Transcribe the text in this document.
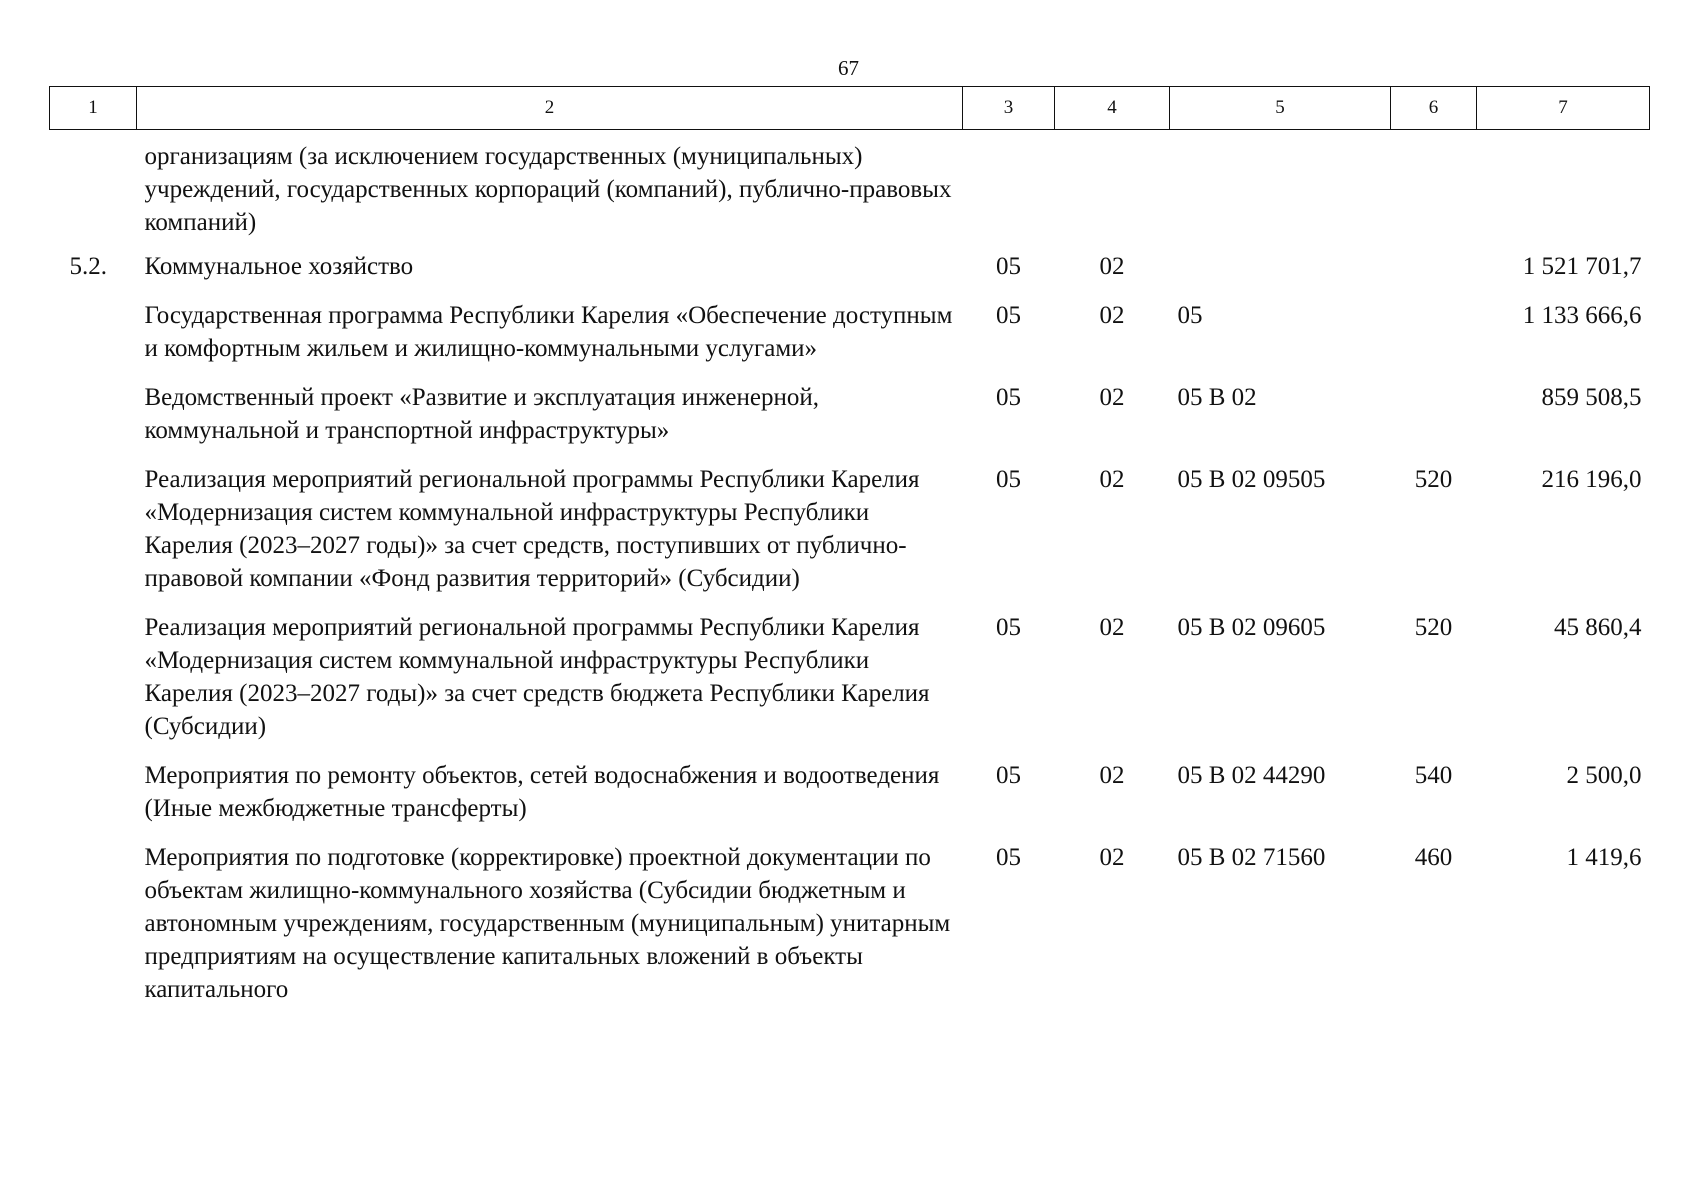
67
1	2	3	4	5	6	7
	организациям (за исключением государственных (муниципальных) учреждений, государственных корпораций (компаний), публично-правовых компаний)					
5.2.	Коммунальное хозяйство	05	02			1 521 701,7
	Государственная программа Республики Карелия «Обеспечение доступным и комфортным жильем и жилищно-коммунальными услугами»	05	02	05		1 133 666,6
	Ведомственный проект «Развитие и эксплуатация инженерной, коммунальной и транспортной инфраструктуры»	05	02	05 В 02		859 508,5
	Реализация мероприятий региональной программы Республики Карелия «Модернизация систем коммунальной инфраструктуры Республики Карелия (2023–2027 годы)» за счет средств, поступивших от публично-правовой компании «Фонд развития территорий» (Субсидии)	05	02	05 В 02 09505	520	216 196,0
	Реализация мероприятий региональной программы Республики Карелия «Модернизация систем коммунальной инфраструктуры Республики Карелия (2023–2027 годы)» за счет средств бюджета Республики Карелия (Субсидии)	05	02	05 В 02 09605	520	45 860,4
	Мероприятия по ремонту объектов, сетей водоснабжения и водоотведения (Иные межбюджетные трансферты)	05	02	05 В 02 44290	540	2 500,0
	Мероприятия по подготовке (корректировке) проектной документации по объектам жилищно-коммунального хозяйства (Субсидии бюджетным и автономным учреждениям, государственным (муниципальным) унитарным предприятиям на осуществление капитальных вложений в объекты капитального	05	02	05 В 02 71560	460	1 419,6
